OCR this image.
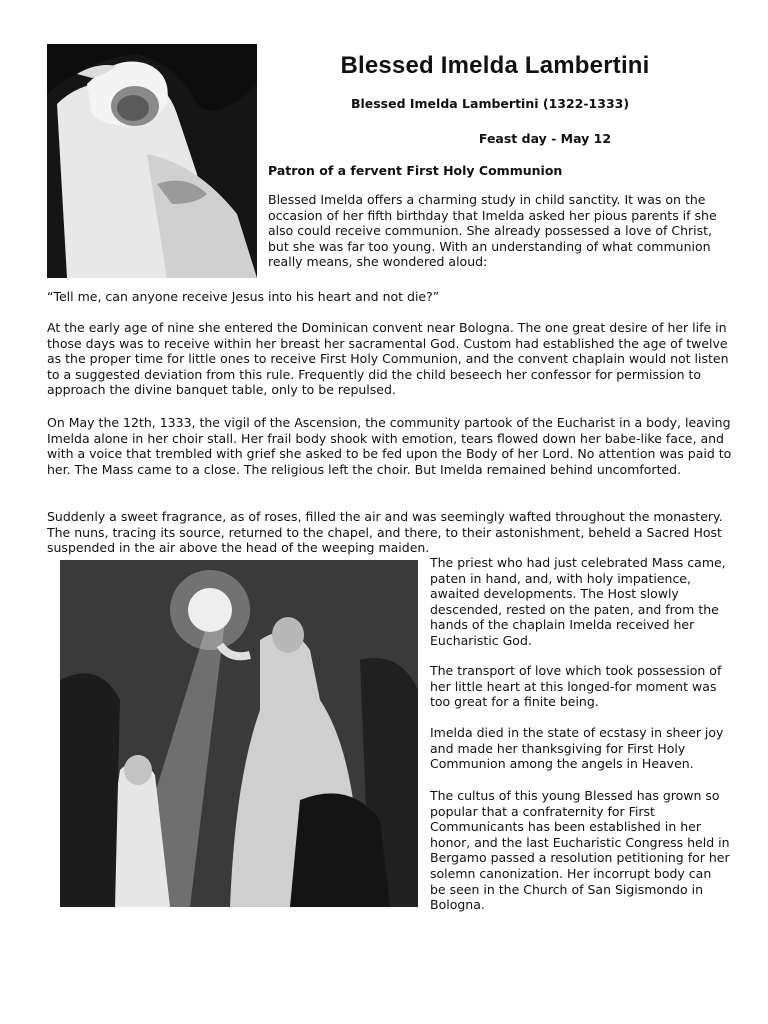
Blessed Imelda Lambertini
Blessed Imelda Lambertini (1322-1333)
Feast day - May 12
Patron of a fervent First Holy Communion

Blessed Imelda offers a charming study in child sanctity. It was on the occasion of her fifth birthday that Imelda asked her pious parents if she also could receive communion. She already possessed a love of Christ, but she was far too young. With an understanding of what communion really means, she wondered aloud:

“Tell me, can anyone receive Jesus into his heart and not die?”

At the early age of nine she entered the Dominican convent near Bologna. The one great desire of her life in those days was to receive within her breast her sacramental God. Custom had established the age of twelve as the proper time for little ones to receive First Holy Communion, and the convent chaplain would not listen to a suggested deviation from this rule. Frequently did the child beseech her confessor for permission to approach the divine banquet table, only to be repulsed.

On May the 12th, 1333, the vigil of the Ascension, the community partook of the Eucharist in a body, leaving Imelda alone in her choir stall. Her frail body shook with emotion, tears flowed down her babe-like face, and with a voice that trembled with grief she asked to be fed upon the Body of her Lord. No attention was paid to her. The Mass came to a close. The religious left the choir. But Imelda remained behind uncomforted.

Suddenly a sweet fragrance, as of roses, filled the air and was seemingly wafted throughout the monastery. The nuns, tracing its source, returned to the chapel, and there, to their astonishment, beheld a Sacred Host suspended in the air above the head of the weeping maiden.

The priest who had just celebrated Mass came, paten in hand, and, with holy impatience, awaited developments. The Host slowly descended, rested on the paten, and from the hands of the chaplain Imelda received her Eucharistic God.

The transport of love which took possession of her little heart at this longed-for moment was too great for a finite being.

Imelda died in the state of ecstasy in sheer joy and made her thanksgiving for First Holy Communion among the angels in Heaven.

The cultus of this young Blessed has grown so popular that a confraternity for First Communicants has been established in her honor, and the last Eucharistic Congress held in Bergamo passed a resolution petitioning for her solemn canonization. Her incorrupt body can be seen in the Church of San Sigismondo in Bologna.
